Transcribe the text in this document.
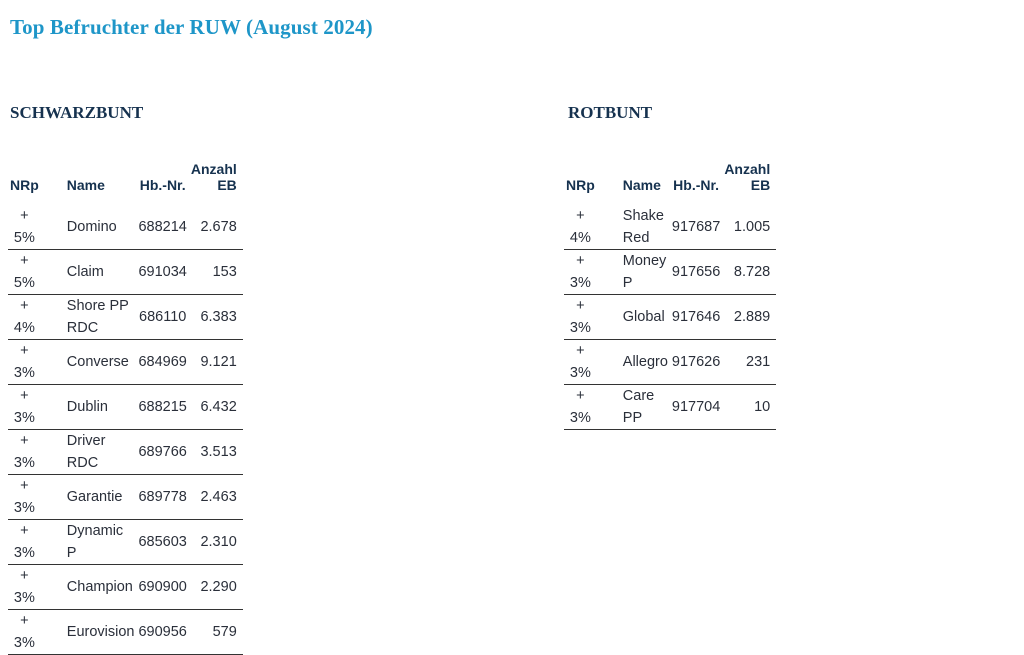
Top Befruchter der RUW (August 2024)
SCHWARZBUNT
NRp	Name	Hb.-Nr.	Anzahl EB
+ 5%	Domino	688214	2.678
+ 5%	Claim	691034	153
+ 4%	Shore PP RDC	686110	6.383
+ 3%	Converse	684969	9.121
+ 3%	Dublin	688215	6.432
+ 3%	Driver RDC	689766	3.513
+ 3%	Garantie	689778	2.463
+ 3%	Dynamic P	685603	2.310
+ 3%	Champion	690900	2.290
+ 3%	Eurovision	690956	579
ROTBUNT
NRp	Name	Hb.-Nr.	Anzahl EB
+ 4%	Shake Red	917687	1.005
+ 3%	Money P	917656	8.728
+ 3%	Global	917646	2.889
+ 3%	Allegro	917626	231
+ 3%	Care PP	917704	10
